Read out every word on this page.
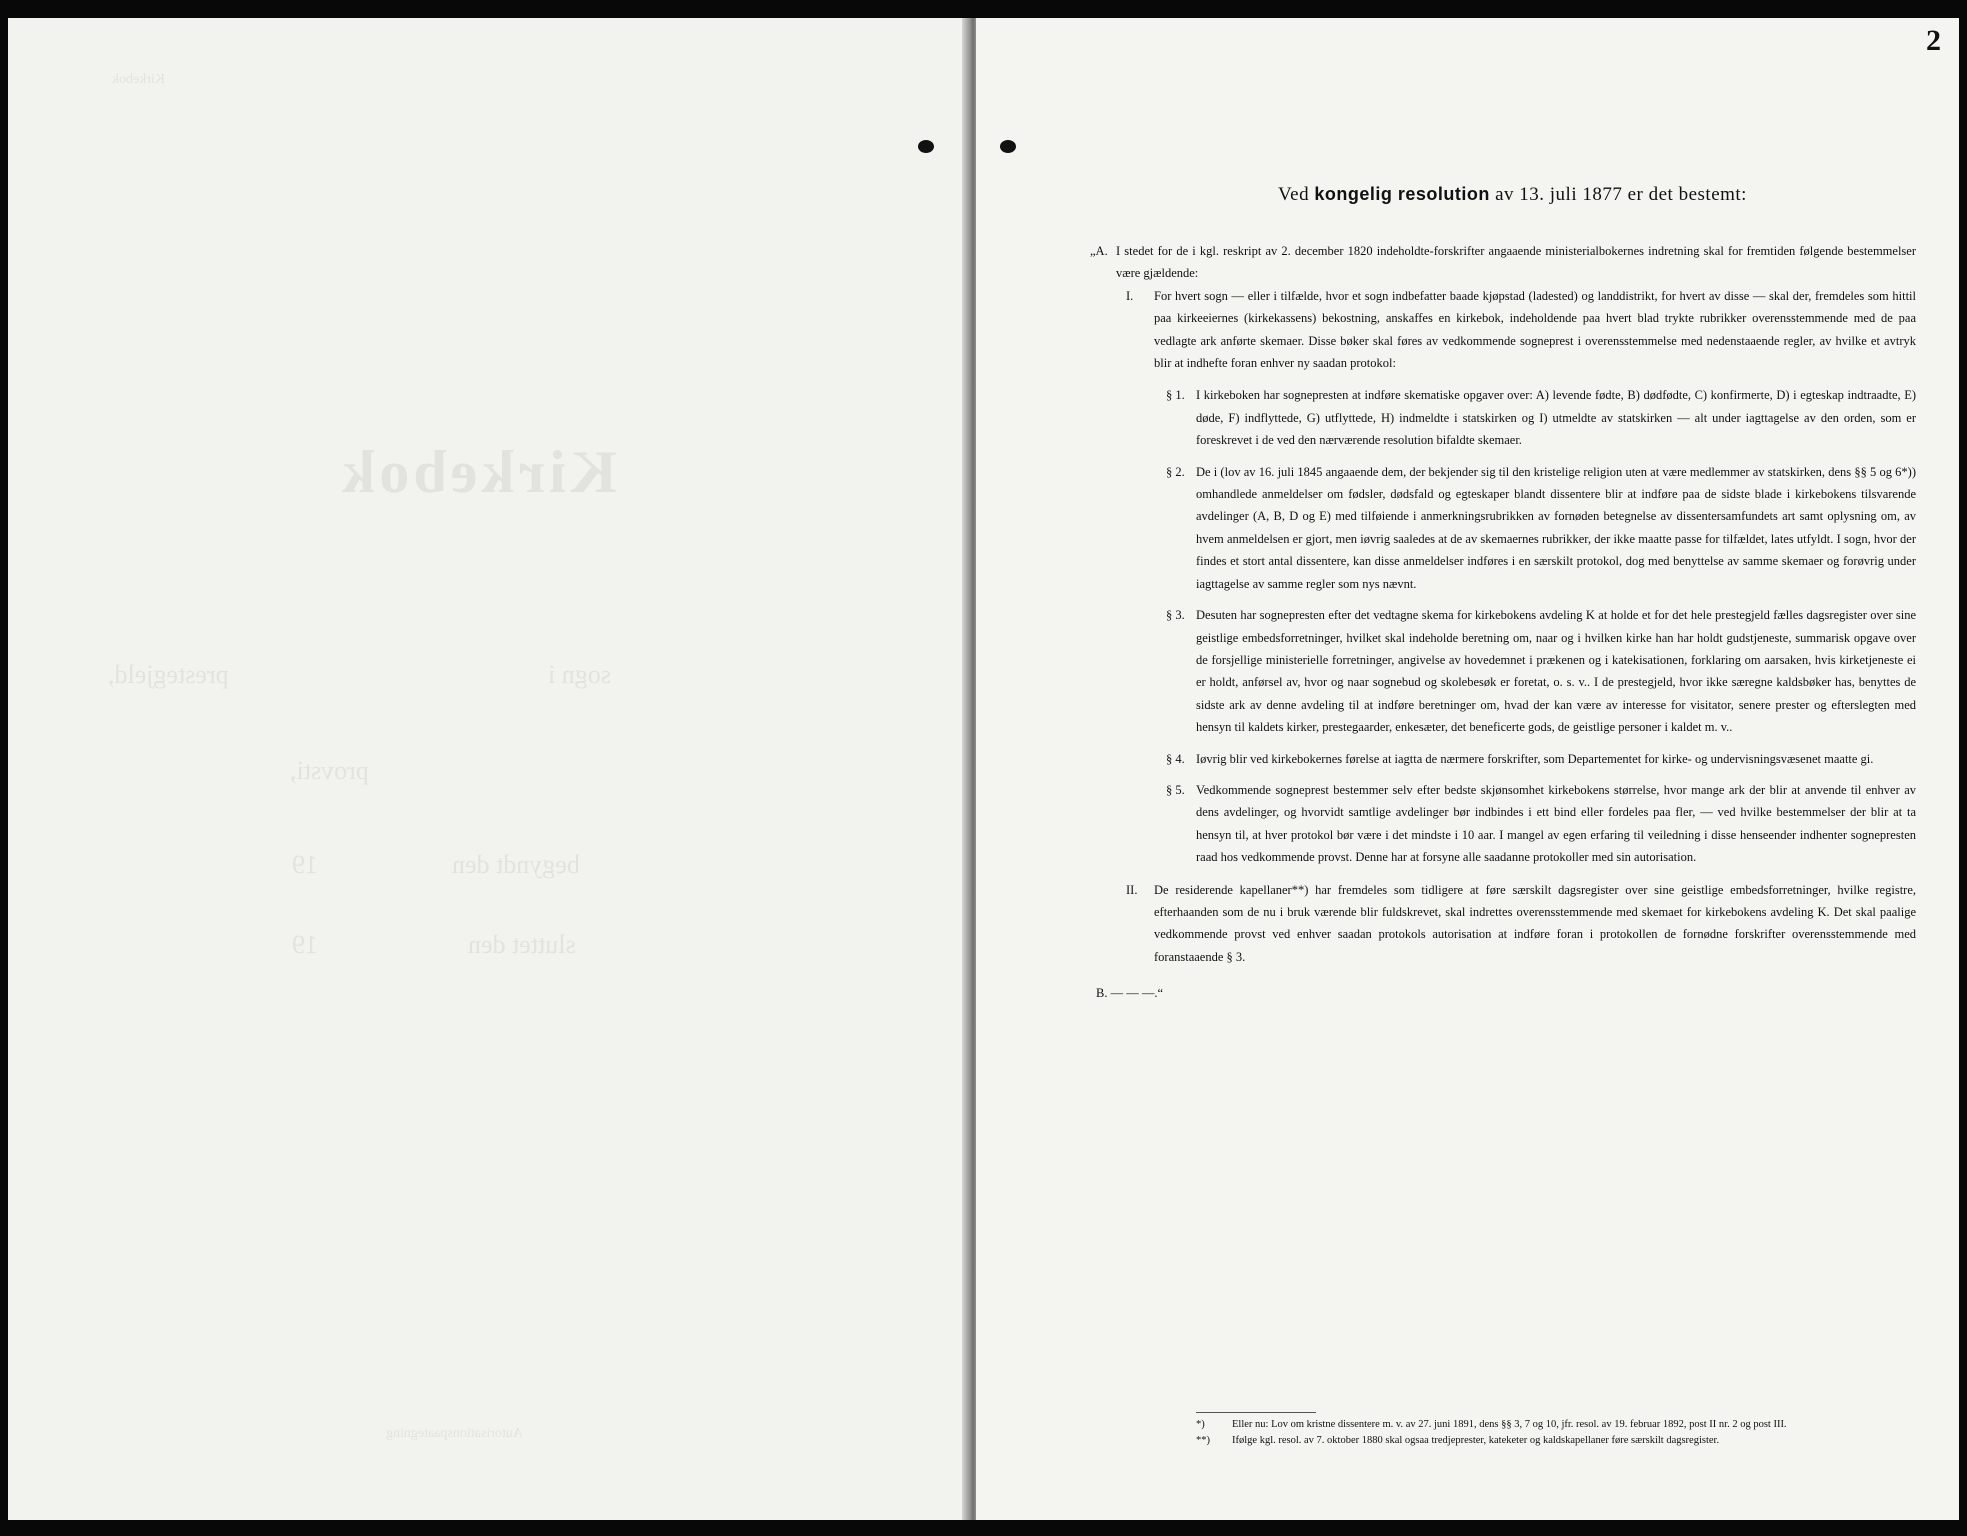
Kirkebok
Kirkebok
sogn i
prestegjeld,
provsti,
begyndt den
19
sluttet den
19
Autorisationspaategning
2
Ved kongelig resolution av 13. juli 1877 er det bestemt:

„A. I stedet for de i kgl. reskript av 2. december 1820 indeholdte-forskrifter angaaende ministerialbokernes indretning skal for fremtiden følgende bestemmelser være gjældende:

I. For hvert sogn — eller i tilfælde, hvor et sogn indbefatter baade kjøpstad (ladested) og landdistrikt, for hvert av disse — skal der, fremdeles som hittil paa kirkeeiernes (kirkekassens) bekostning, anskaffes en kirkebok, indeholdende paa hvert blad trykte rubrikker overensstemmende med de paa vedlagte ark anførte skemaer. Disse bøker skal føres av vedkommende sogneprest i overensstemmelse med nedenstaaende regler, av hvilke et avtryk blir at indhefte foran enhver ny saadan protokol:

§ 1. I kirkeboken har sognepresten at indføre skematiske opgaver over: A) levende fødte, B) dødfødte, C) konfirmerte, D) i egteskap indtraadte, E) døde, F) indflyttede, G) utflyttede, H) indmeldte i statskirken og I) utmeldte av statskirken — alt under iagttagelse av den orden, som er foreskrevet i de ved den nærværende resolution bifaldte skemaer.

§ 2. De i (lov av 16. juli 1845 angaaende dem, der bekjender sig til den kristelige religion uten at være medlemmer av statskirken, dens §§ 5 og 6*)) omhandlede anmeldelser om fødsler, dødsfald og egteskaper blandt dissentere blir at indføre paa de sidste blade i kirkebokens tilsvarende avdelinger (A, B, D og E) med tilføiende i anmerkningsrubrikken av fornøden betegnelse av dissentersamfundets art samt oplysning om, av hvem anmeldelsen er gjort, men iøvrig saaledes at de av skemaernes rubrikker, der ikke maatte passe for tilfældet, lates utfyldt. I sogn, hvor der findes et stort antal dissentere, kan disse anmeldelser indføres i en særskilt protokol, dog med benyttelse av samme skemaer og forøvrig under iagttagelse av samme regler som nys nævnt.

§ 3. Desuten har sognepresten efter det vedtagne skema for kirkebokens avdeling K at holde et for det hele prestegjeld fælles dagsregister over sine geistlige embedsforretninger, hvilket skal indeholde beretning om, naar og i hvilken kirke han har holdt gudstjeneste, summarisk opgave over de forsjellige ministerielle forretninger, angivelse av hovedemnet i prækenen og i katekisationen, forklaring om aarsaken, hvis kirketjeneste ei er holdt, anførsel av, hvor og naar sognebud og skolebesøk er foretat, o. s. v.. I de prestegjeld, hvor ikke særegne kaldsbøker has, benyttes de sidste ark av denne avdeling til at indføre beretninger om, hvad der kan være av interesse for visitator, senere prester og efterslegten med hensyn til kaldets kirker, prestegaarder, enkesæter, det beneficerte gods, de geistlige personer i kaldet m. v..

§ 4. Iøvrig blir ved kirkebokernes førelse at iagtta de nærmere forskrifter, som Departementet for kirke- og undervisningsvæsenet maatte gi.

§ 5. Vedkommende sogneprest bestemmer selv efter bedste skjønsomhet kirkebokens størrelse, hvor mange ark der blir at anvende til enhver av dens avdelinger, og hvorvidt samtlige avdelinger bør indbindes i ett bind eller fordeles paa fler, — ved hvilke bestemmelser der blir at ta hensyn til, at hver protokol bør være i det mindste i 10 aar. I mangel av egen erfaring til veiledning i disse henseender indhenter sognepresten raad hos vedkommende provst. Denne har at forsyne alle saadanne protokoller med sin autorisation.

II. De residerende kapellaner**) har fremdeles som tidligere at føre særskilt dagsregister over sine geistlige embedsforretninger, hvilke registre, efterhaanden som de nu i bruk værende blir fuldskrevet, skal indrettes overensstemmende med skemaet for kirkebokens avdeling K. Det skal paalige vedkommende provst ved enhver saadan protokols autorisation at indføre foran i protokollen de fornødne forskrifter overensstemmende med foranstaaende § 3.

B. — — —.“

*)	Eller nu: Lov om kristne dissentere m. v. av 27. juni 1891, dens §§ 3, 7 og 10, jfr. resol. av 19. februar 1892, post II nr. 2 og post III.

**) Ifølge kgl. resol. av 7. oktober 1880 skal ogsaa tredjeprester, kateketer og kaldskapellaner føre særskilt dagsregister.
